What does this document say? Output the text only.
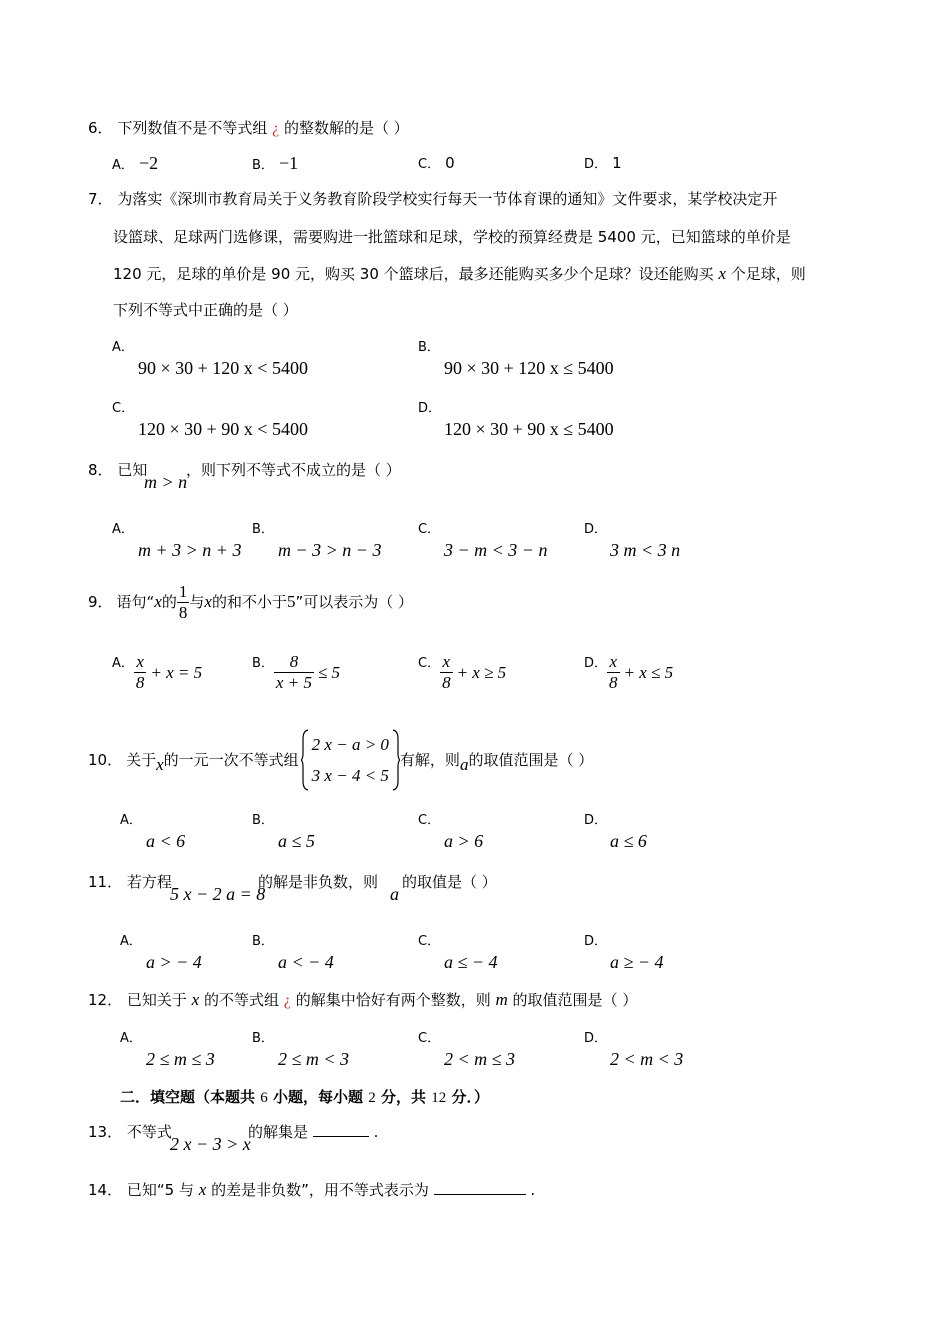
6． 下列数值不是不等式组 ¿ 的整数解的是（ ）
A． −2	B． −1	C． 0	D． 1
7． 为落实《深圳市教育局关于义务教育阶段学校实行每天一节体育课的通知》文件要求，某学校决定开
设篮球、足球两门选修课，需要购进一批篮球和足球，学校的预算经费是 5400 元，已知篮球的单价是
120 元，足球的单价是 90 元，购买 30 个篮球后，最多还能购买多少个足球？设还能购买 x 个足球，则
下列不等式中正确的是（ ）
A．
90 × 30 + 120 x < 5400
B．
90 × 30 + 120 x ≤ 5400
C．
120 × 30 + 90 x < 5400
D．
120 × 30 + 90 x ≤ 5400
8． 已知
m > n
，则下列不等式不成立的是（ ）
A．
m + 3 > n + 3
B．
m − 3 > n − 3
C．
3 − m < 3 − n
D．
3 m < 3 n
9． 语句“ x 的 $\frac{1}{8}$ 与 x 的和不小于 5 ”可以表示为（ ）
A． $\frac{x}{8} + x = 5$	B． $\frac{8}{x + 5} \le 5$	C． $\frac{x}{8} + x \ge 5$	D． $\frac{x}{8} + x \le 5$
10． 关于 x 的一元一次不等式组
2 x − a > 0
3 x − 4 < 5
有解，则 a 的取值范围是（ ）
A．
a < 6
B．
a ≤ 5
C．
a > 6
D．
a ≤ 6
11． 若方程
5 x − 2 a = 8
的解是非负数，则
a
的取值是（ ）
A．
a > − 4
B．
a < − 4
C．
a ≤ − 4
D．
a ≥ − 4
12． 已知关于 x 的不等式组 ¿ 的解集中恰好有两个整数，则 m 的取值范围是（ ）
A．
2 ≤ m ≤ 3
B．
2 ≤ m < 3
C．
2 < m ≤ 3
D．
2 < m < 3
二．填空题（本题共 6 小题，每小题 2 分，共 12 分．）
13． 不等式
2 x − 3 > x
的解集是	.
14． 已知“5 与 x 的差是非负数”，用不等式表示为	.
